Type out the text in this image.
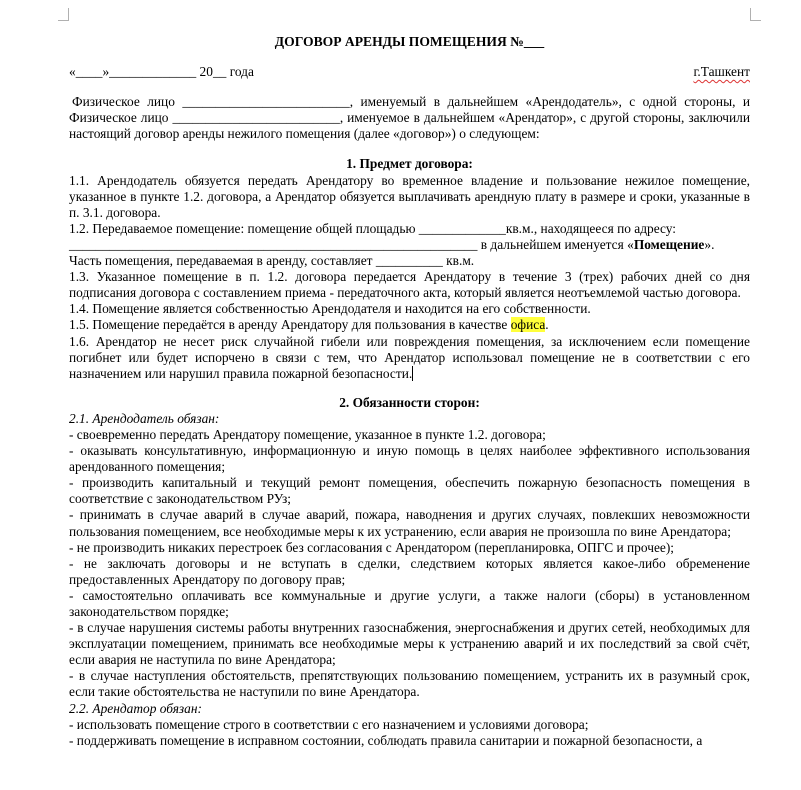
ДОГОВОР АРЕНДЫ ПОМЕЩЕНИЯ №___
«____»_____________ 20__ года	г.Ташкент

Физическое лицо _________________________, именуемый в дальнейшем «Арендодатель», с одной стороны, и Физическое лицо _________________________, именуемое в дальнейшем «Арендатор», с другой стороны, заключили настоящий договор аренды нежилого помещения (далее «договор») о следующем:

1. Предмет договора:

1.1. Арендодатель обязуется передать Арендатору во временное владение и пользование нежилое помещение, указанное в пункте 1.2. договора, а Арендатор обязуется выплачивать арендную плату в размере и сроки, указанные в п. 3.1. договора.

1.2. Передаваемое помещение: помещение общей площадью _____________кв.м., находящееся по адресу:

_____________________________________________________________ в дальнейшем именуется «Помещение».

Часть помещения, передаваемая в аренду, составляет __________ кв.м.

1.3. Указанное помещение в п. 1.2. договора передается Арендатору в течение 3 (трех) рабочих дней со дня подписания договора с составлением приема - передаточного акта, который является неотъемлемой частью договора.

1.4. Помещение является собственностью Арендодателя и находится на его собственности.

1.5. Помещение передаётся в аренду Арендатору для пользования в качестве офиса.

1.6. Арендатор не несет риск случайной гибели или повреждения помещения, за исключением если помещение погибнет или будет испорчено в связи с тем, что Арендатор использовал помещение не в соответствии с его назначением или нарушил правила пожарной безопасности.

2. Обязанности сторон:

2.1. Арендодатель обязан:

- своевременно передать Арендатору помещение, указанное в пункте 1.2. договора;

- оказывать консультативную, информационную и иную помощь в целях наиболее эффективного использования арендованного помещения;

- производить капитальный и текущий ремонт помещения, обеспечить пожарную безопасность помещения в соответствие с законодательством РУз;

- принимать в случае аварий в случае аварий, пожара, наводнения и других случаях, повлекших невозможности пользования помещением, все необходимые меры к их устранению, если авария не произошла по вине Арендатора;

- не производить никаких перестроек без согласования с Арендатором (перепланировка, ОПГС и прочее);

- не заключать договоры и не вступать в сделки, следствием которых является какое-либо обременение предоставленных Арендатору по договору прав;

- самостоятельно оплачивать все коммунальные и другие услуги, а также налоги (сборы) в установленном законодательством порядке;

- в случае нарушения системы работы внутренних газоснабжения, энергоснабжения и других сетей, необходимых для эксплуатации помещением, принимать все необходимые меры к устранению аварий и их последствий за свой счёт, если авария не наступила по вине Арендатора;

- в случае наступления обстоятельств, препятствующих пользованию помещением, устранить их в разумный срок, если такие обстоятельства не наступили по вине Арендатора.

2.2. Арендатор обязан:

- использовать помещение строго в соответствии с его назначением и условиями договора;

- поддерживать помещение в исправном состоянии, соблюдать правила санитарии и пожарной безопасности, а
